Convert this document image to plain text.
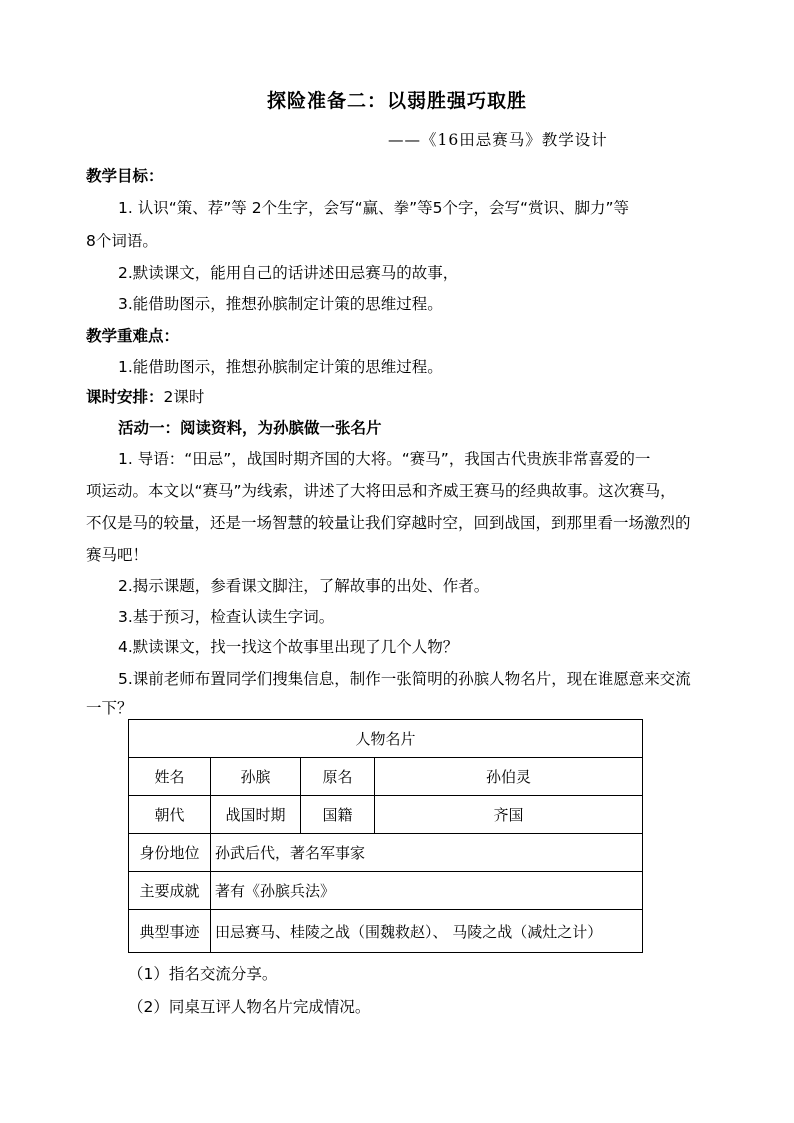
探险准备二：以弱胜强巧取胜
——《16田忌赛马》教学设计
教学目标：
1. 认识“策、荐”等 2个生字，会写“赢、拳”等5个字，会写“赏识、脚力”等
8个词语。
2.默读课文，能用自己的话讲述田忌赛马的故事，
3.能借助图示，推想孙膑制定计策的思维过程。
教学重难点：
1.能借助图示，推想孙膑制定计策的思维过程。
课时安排：2课时
活动一：阅读资料，为孙膑做一张名片
1. 导语：“田忌”，战国时期齐国的大将。“赛马”，我国古代贵族非常喜爱的一
项运动。本文以“赛马”为线索，讲述了大将田忌和齐威王赛马的经典故事。这次赛马，
不仅是马的较量，还是一场智慧的较量让我们穿越时空，回到战国，到那里看一场激烈的
赛马吧！
2.揭示课题，参看课文脚注，了解故事的出处、作者。
3.基于预习，检查认读生字词。
4.默读课文，找一找这个故事里出现了几个人物？
5.课前老师布置同学们搜集信息，制作一张简明的孙膑人物名片，现在谁愿意来交流
一下？
人物名片			
姓名	孙膑	原名	孙伯灵
朝代	战国时期	国籍	齐国
身份地位	孙武后代，著名军事家		
主要成就	著有《孙膑兵法》		
典型事迹	田忌赛马、桂陵之战（围魏救赵）、 马陵之战（减灶之计）		
（1）指名交流分享。
（2）同桌互评人物名片完成情况。
